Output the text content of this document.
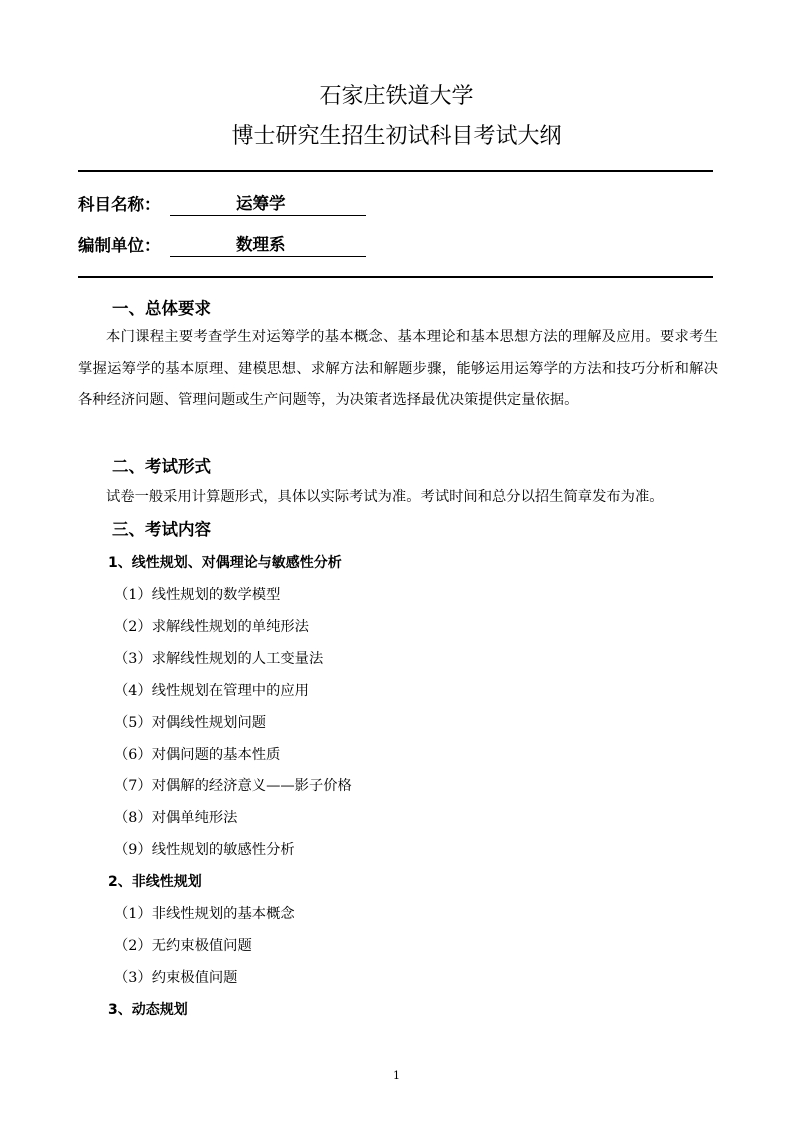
石家庄铁道大学
博士研究生招生初试科目考试大纲
科目名称：	运筹学
编制单位：	数理系
一、总体要求
本门课程主要考查学生对运筹学的基本概念、基本理论和基本思想方法的理解及应用。要求考生掌握运筹学的基本原理、建模思想、求解方法和解题步骤，能够运用运筹学的方法和技巧分析和解决各种经济问题、管理问题或生产问题等，为决策者选择最优决策提供定量依据。
二、考试形式
试卷一般采用计算题形式，具体以实际考试为准。考试时间和总分以招生简章发布为准。
三、考试内容
1、线性规划、对偶理论与敏感性分析
（1）线性规划的数学模型
（2）求解线性规划的单纯形法
（3）求解线性规划的人工变量法
（4）线性规划在管理中的应用
（5）对偶线性规划问题
（6）对偶问题的基本性质
（7）对偶解的经济意义——影子价格
（8）对偶单纯形法
（9）线性规划的敏感性分析
2、非线性规划
（1）非线性规划的基本概念
（2）无约束极值问题
（3）约束极值问题
3、动态规划
1
